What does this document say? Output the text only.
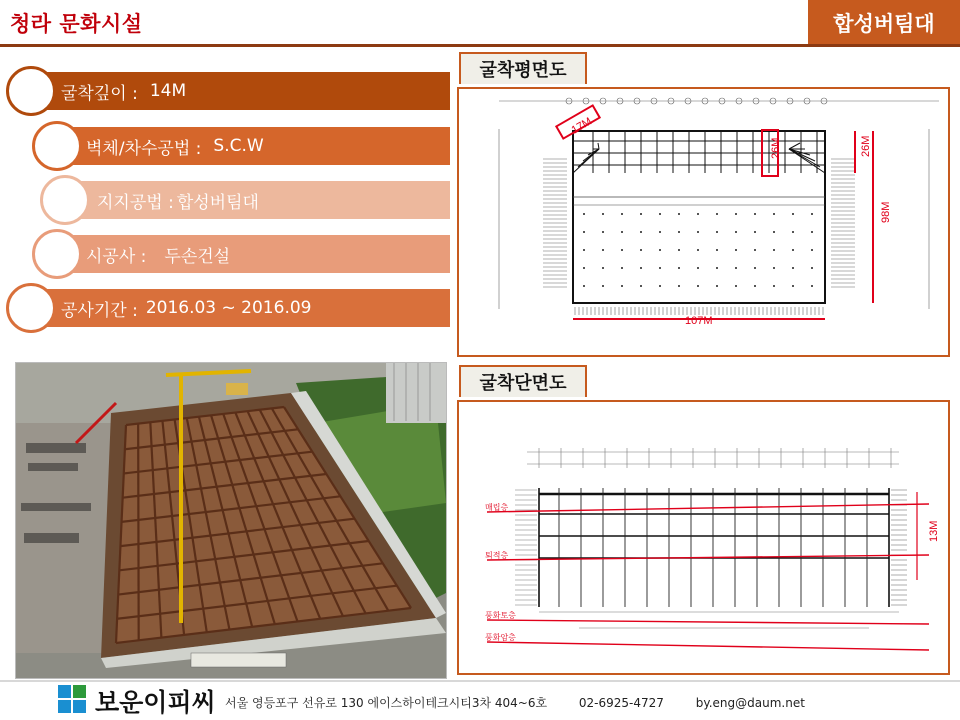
청라 문화시설	합성버팀대
굴착깊이 : 14M
벽체/차수공법 : S.C.W
지지공법 : 합성버팀대
시공사 : 두손건설
공사기간 : 2016.03 ~ 2016.09
굴착평면도
17M
26M	26M
98M
107M
굴착단면도
매립층
퇴적층
풍화토층
풍화암층
13M
보운이피씨 서울 영등포구 선유로 130 에이스하이테크시티3차 404~6호	02-6925-4727	by.eng@daum.net
